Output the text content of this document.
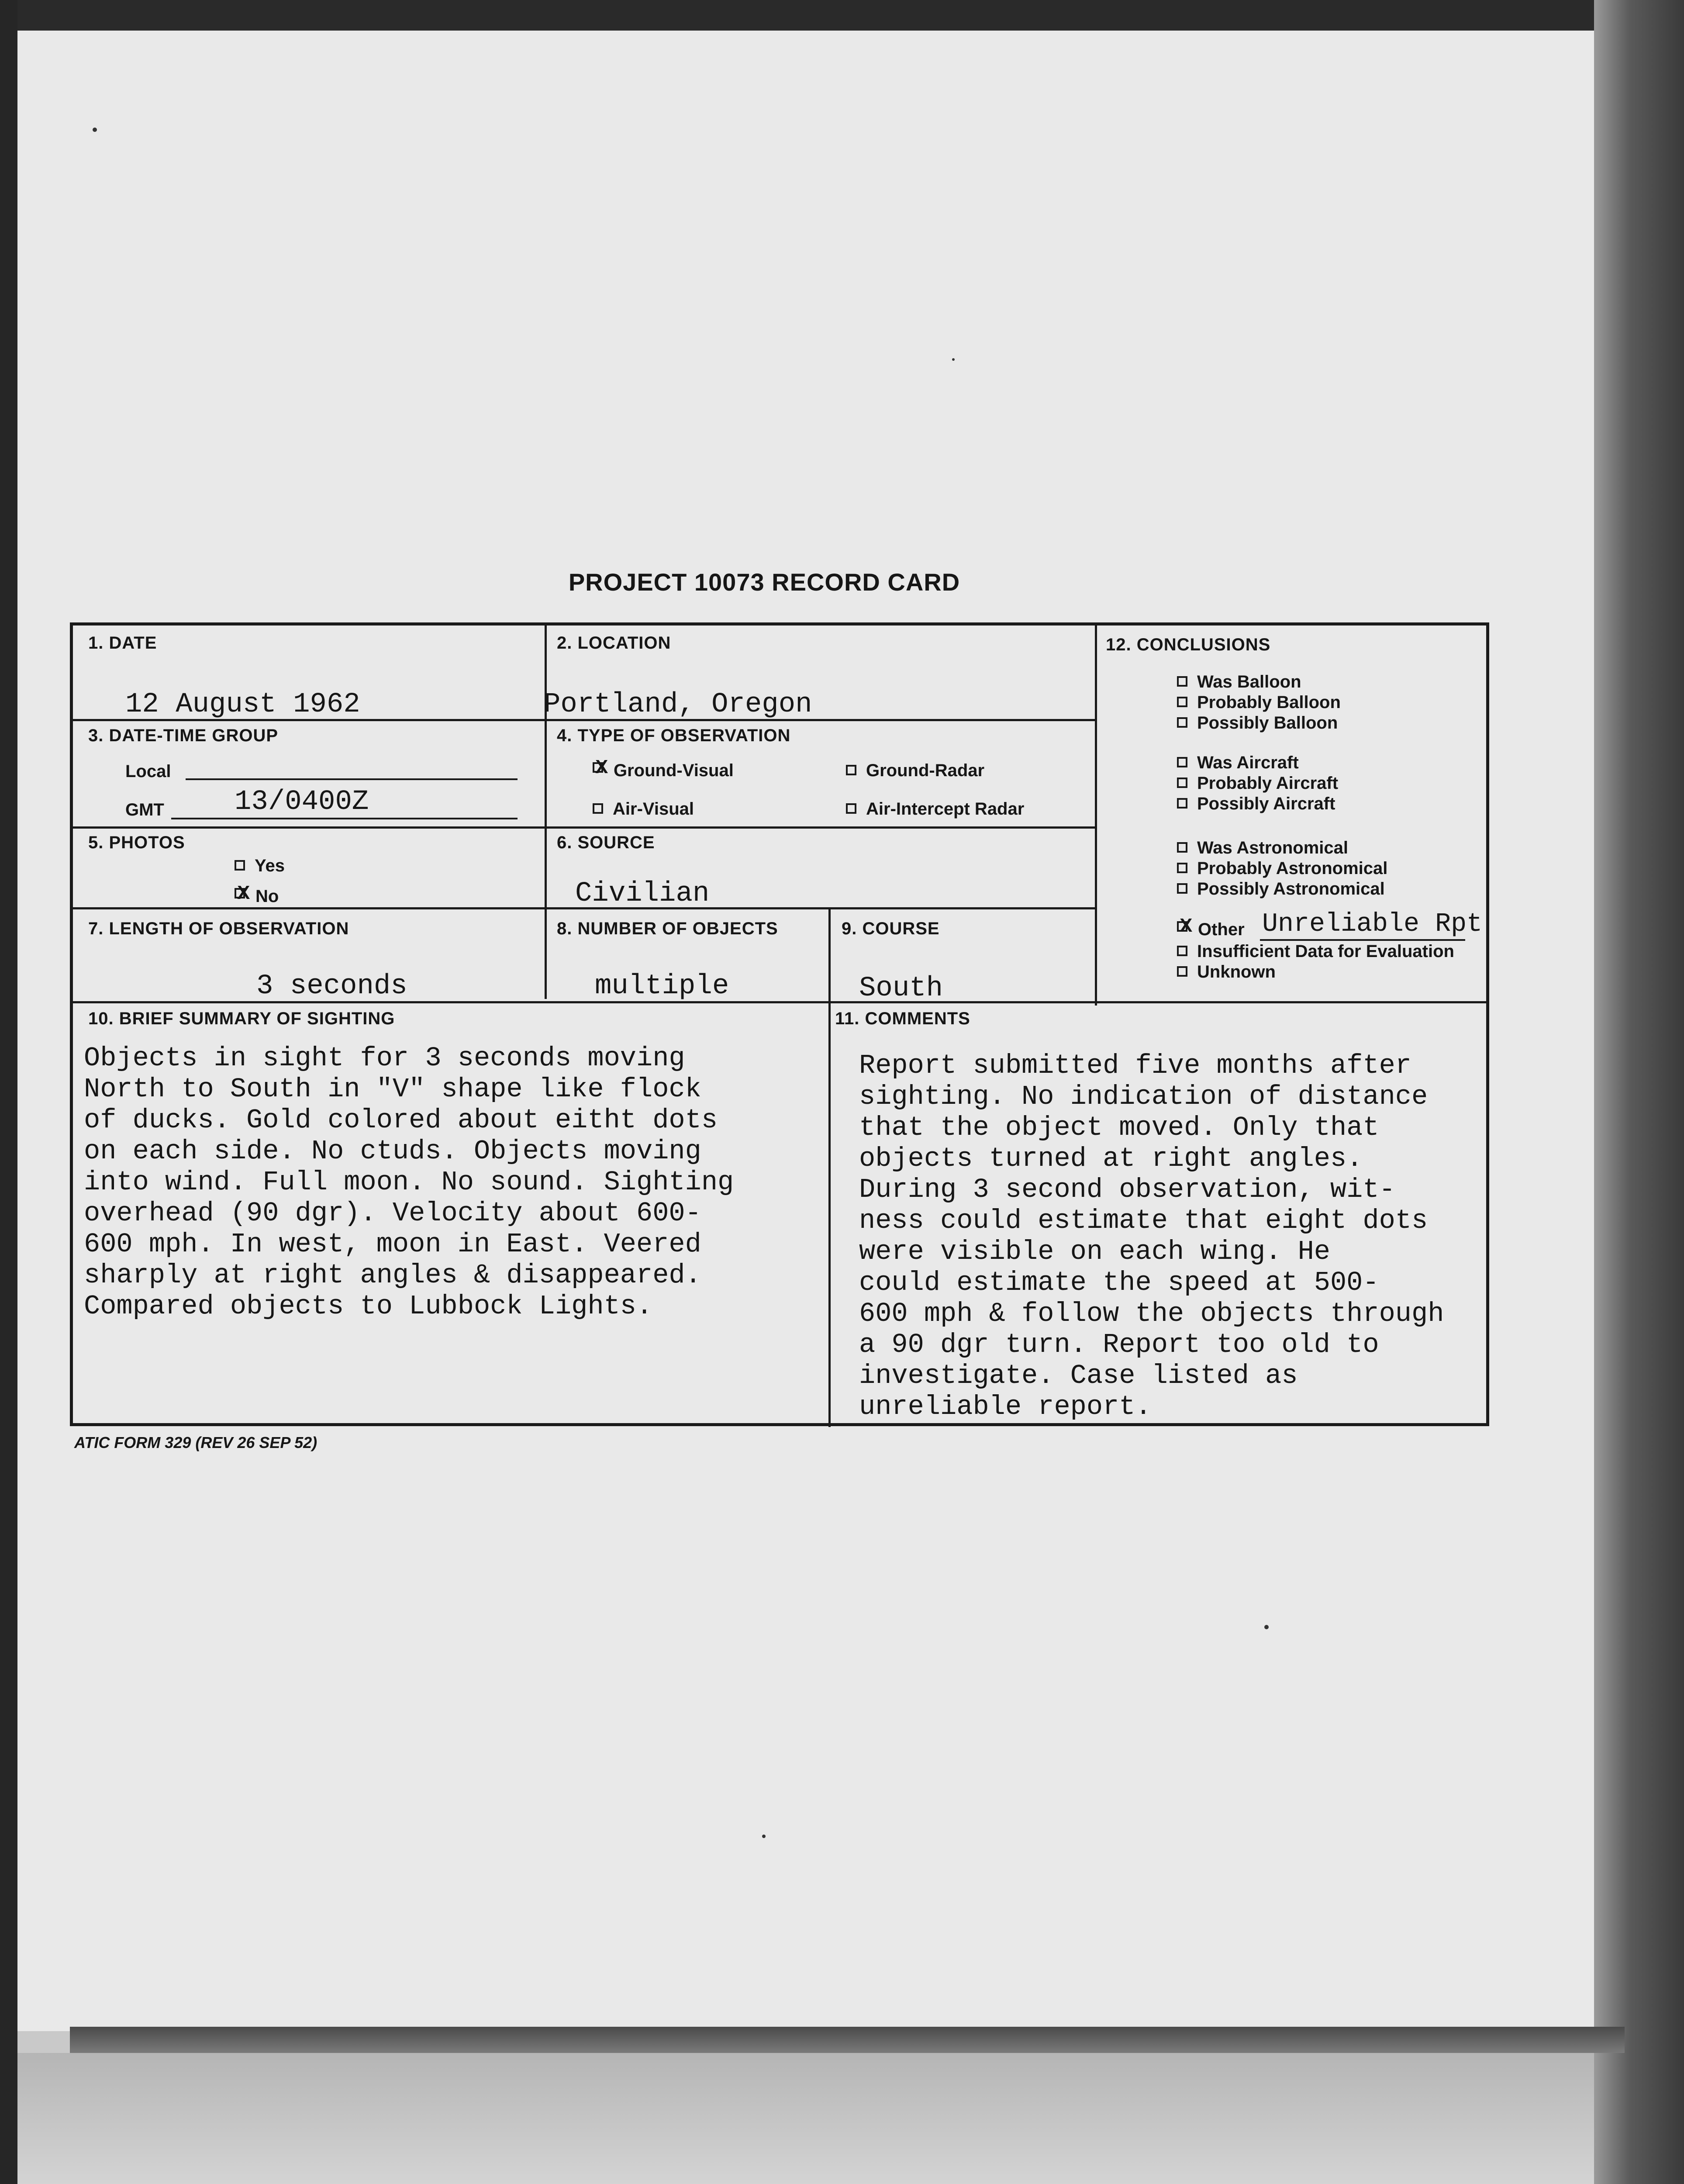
PROJECT 10073 RECORD CARD
1. DATE
12 August 1962
2. LOCATION
Portland, Oregon
3. DATE-TIME GROUP
Local
GMT	13/0400Z
4. TYPE OF OBSERVATION
XGround-Visual	Ground-Radar
Air-Visual	Air-Intercept Radar
5. PHOTOS
Yes
XNo
6. SOURCE
Civilian
7. LENGTH OF OBSERVATION
3 seconds
8. NUMBER OF OBJECTS
multiple
9. COURSE
South
12. CONCLUSIONS
Was Balloon
Probably Balloon
Possibly Balloon
Was Aircraft
Probably Aircraft
Possibly Aircraft
Was Astronomical
Probably Astronomical
Possibly Astronomical
XOther Unreliable Rpt
Insufficient Data for Evaluation
Unknown
10. BRIEF SUMMARY OF SIGHTING
Objects in sight for 3 seconds moving
North to South in "V" shape like flock
of ducks. Gold colored about eitht dots
on each side. No ctuds. Objects moving
into wind. Full moon. No sound. Sighting
overhead (90 dgr). Velocity about 600-
600 mph. In west, moon in East. Veered
sharply at right angles & disappeared.
Compared objects to Lubbock Lights.
11. COMMENTS
Report submitted five months after
sighting. No indication of distance
that the object moved. Only that
objects turned at right angles.
During 3 second observation, wit-
ness could estimate that eight dots
were visible on each wing. He
could estimate the speed at 500-
600 mph & follow the objects through
a 90 dgr turn. Report too old to
investigate. Case listed as
unreliable report.
ATIC FORM 329 (REV 26 SEP 52)
